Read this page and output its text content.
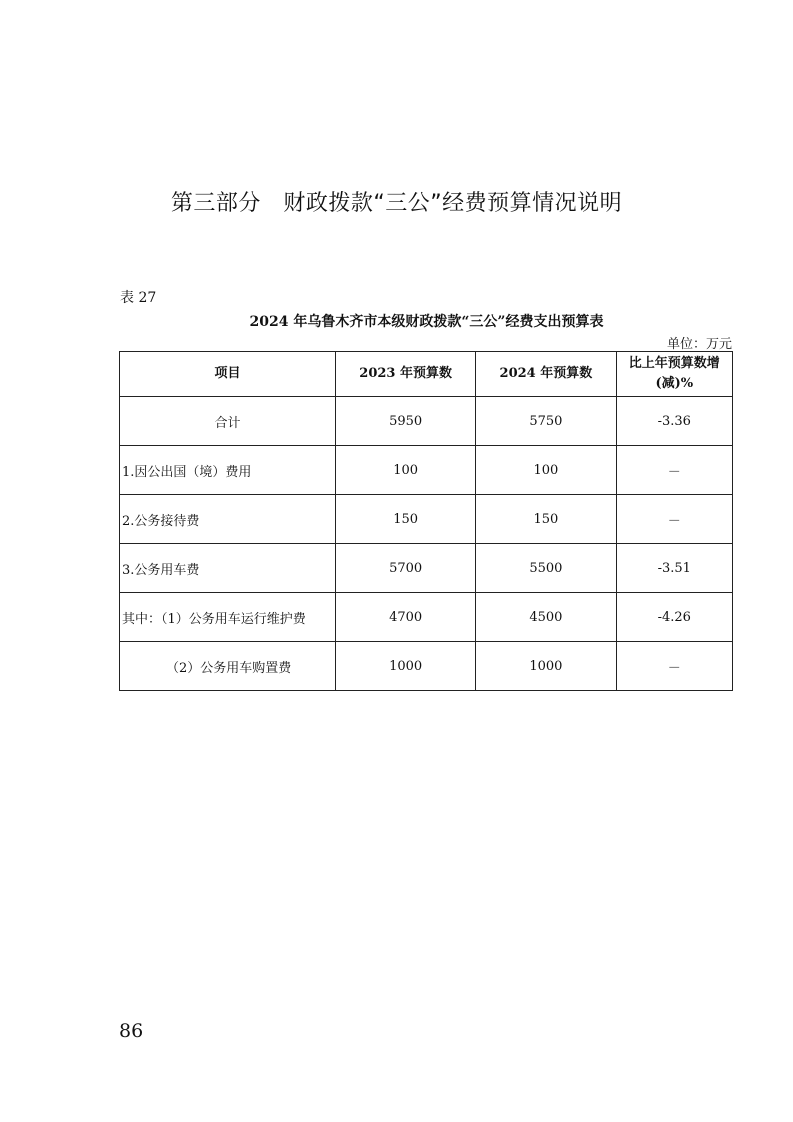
第三部分　财政拨款“三公”经费预算情况说明
表 27
2024 年乌鲁木齐市本级财政拨款“三公”经费支出预算表
单位：万元
项目	2023 年预算数	2024 年预算数	比上年预算数增
(减)%
合计	5950	5750	-3.36
1.因公出国（境）费用	100	100	－
2.公务接待费	150	150	－
3.公务用车费	5700	5500	-3.51
其中：（1）公务用车运行维护费	4700	4500	-4.26
（2）公务用车购置费	1000	1000	－
86
